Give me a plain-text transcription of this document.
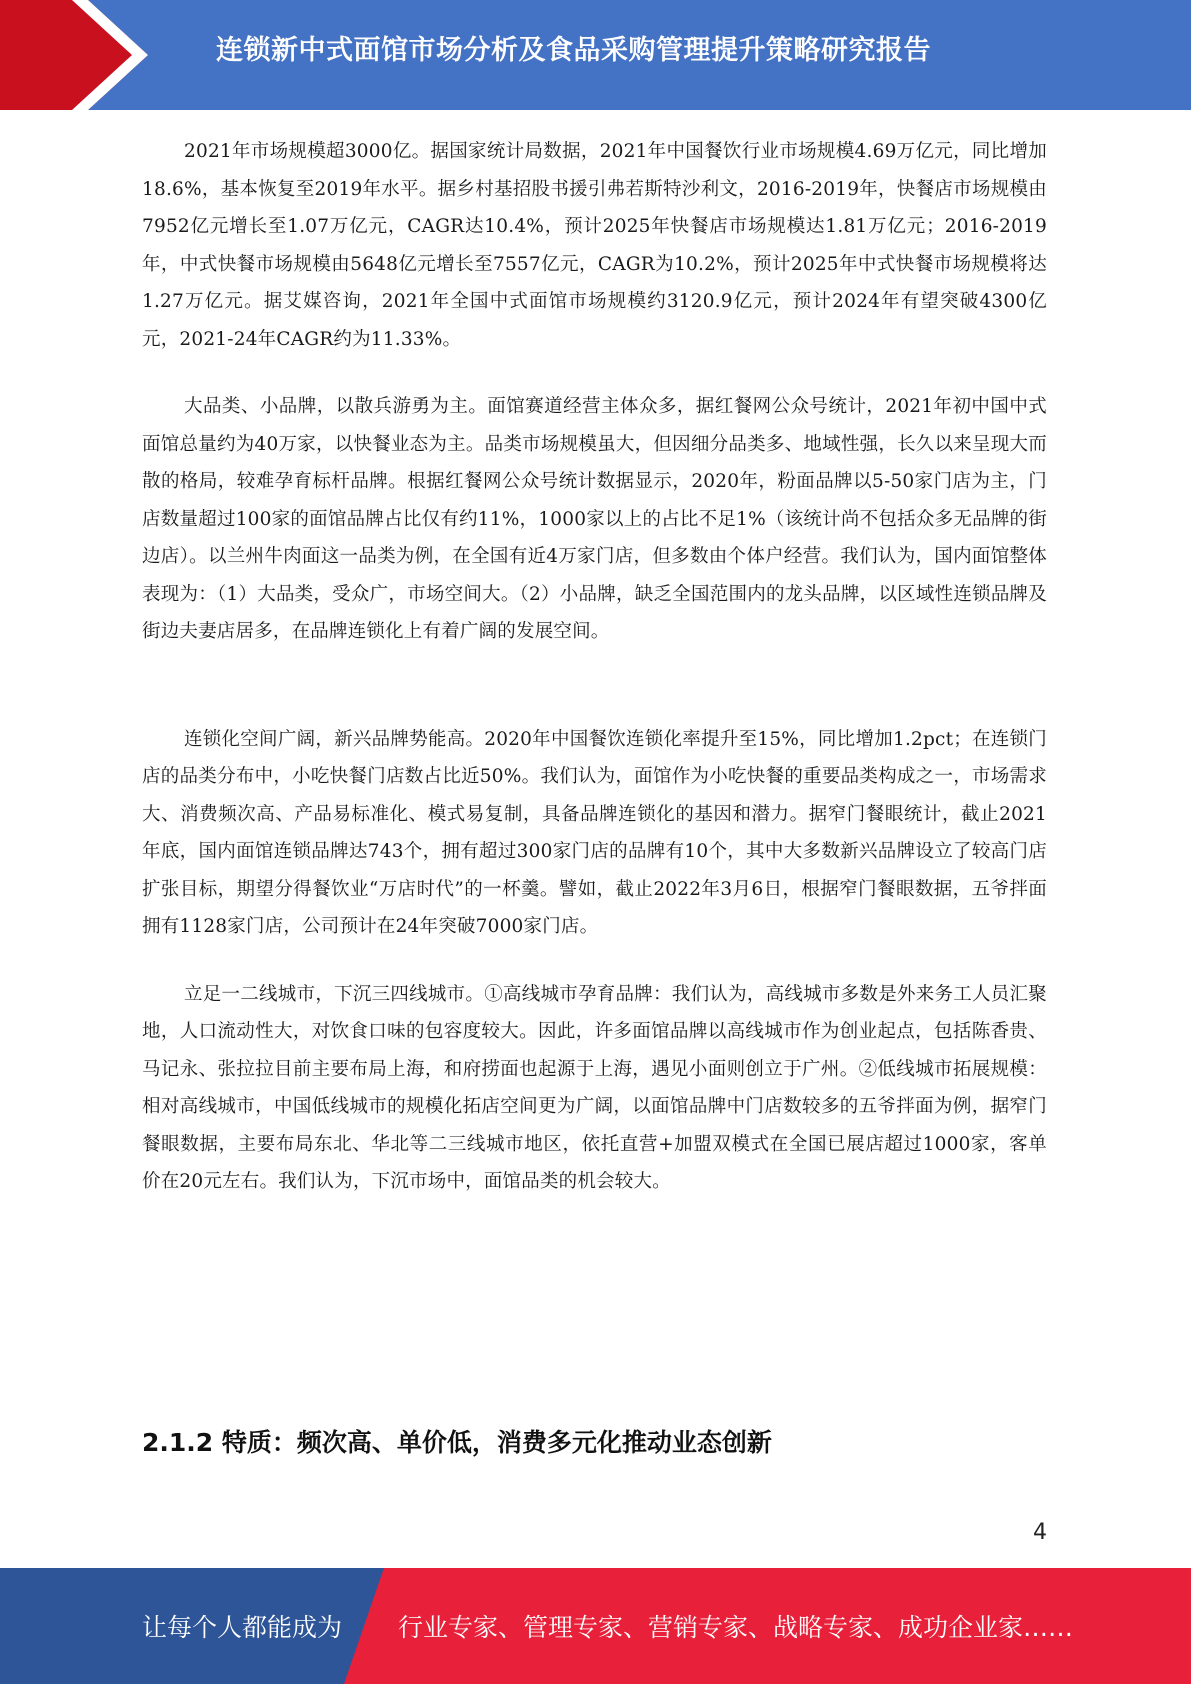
连锁新中式面馆市场分析及食品采购管理提升策略研究报告

2021年市场规模超3000亿。据国家统计局数据，2021年中国餐饮行业市场规模4.69万亿元，同比增加18.6%，基本恢复至2019年水平。据乡村基招股书援引弗若斯特沙利文，2016-2019年，快餐店市场规模由7952亿元增长至1.07万亿元，CAGR达10.4%，预计2025年快餐店市场规模达1.81万亿元；2016-2019年，中式快餐市场规模由5648亿元增长至7557亿元，CAGR为10.2%，预计2025年中式快餐市场规模将达1.27万亿元。据艾媒咨询，2021年全国中式面馆市场规模约3120.9亿元，预计2024年有望突破4300亿元，2021-24年CAGR约为11.33%。

大品类、小品牌，以散兵游勇为主。面馆赛道经营主体众多，据红餐网公众号统计，2021年初中国中式面馆总量约为40万家，以快餐业态为主。品类市场规模虽大，但因细分品类多、地域性强，长久以来呈现大而散的格局，较难孕育标杆品牌。根据红餐网公众号统计数据显示，2020年，粉面品牌以5-50家门店为主，门店数量超过100家的面馆品牌占比仅有约11%，1000家以上的占比不足1%（该统计尚不包括众多无品牌的街边店）。以兰州牛肉面这一品类为例，在全国有近4万家门店，但多数由个体户经营。我们认为，国内面馆整体表现为：（1）大品类，受众广，市场空间大。（2）小品牌，缺乏全国范围内的龙头品牌，以区域性连锁品牌及街边夫妻店居多，在品牌连锁化上有着广阔的发展空间。

连锁化空间广阔，新兴品牌势能高。2020年中国餐饮连锁化率提升至15%，同比增加1.2pct；在连锁门店的品类分布中，小吃快餐门店数占比近50%。我们认为，面馆作为小吃快餐的重要品类构成之一，市场需求大、消费频次高、产品易标准化、模式易复制，具备品牌连锁化的基因和潜力。据窄门餐眼统计，截止2021年底，国内面馆连锁品牌达743个，拥有超过300家门店的品牌有10个，其中大多数新兴品牌设立了较高门店扩张目标，期望分得餐饮业“万店时代”的一杯羹。譬如，截止2022年3月6日，根据窄门餐眼数据，五爷拌面拥有1128家门店，公司预计在24年突破7000家门店。

立足一二线城市，下沉三四线城市。①高线城市孕育品牌：我们认为，高线城市多数是外来务工人员汇聚地，人口流动性大，对饮食口味的包容度较大。因此，许多面馆品牌以高线城市作为创业起点，包括陈香贵、马记永、张拉拉目前主要布局上海，和府捞面也起源于上海，遇见小面则创立于广州。②低线城市拓展规模：相对高线城市，中国低线城市的规模化拓店空间更为广阔，以面馆品牌中门店数较多的五爷拌面为例，据窄门餐眼数据，主要布局东北、华北等二三线城市地区，依托直营+加盟双模式在全国已展店超过1000家，客单价在20元左右。我们认为，下沉市场中，面馆品类的机会较大。

2.1.2 特质：频次高、单价低，消费多元化推动业态创新
4
让每个人都能成为 行业专家、管理专家、营销专家、战略专家、成功企业家……
